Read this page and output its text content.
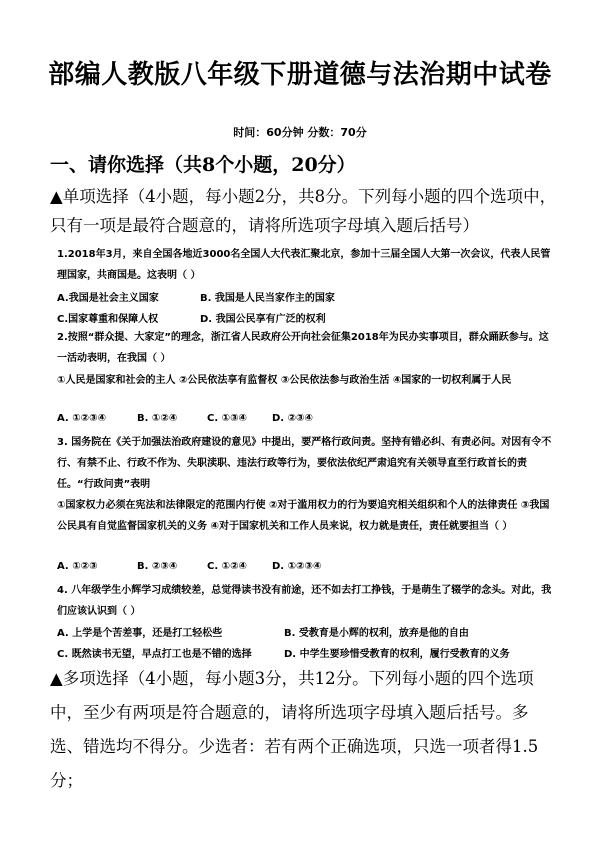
部编人教版八年级下册道德与法治期中试卷
时间：60分钟 分数：70分
一、请你选择（共8个小题，20分）
▲单项选择（4小题，每小题2分，共8分。下列每小题的四个选项中，只有一项是最符合题意的，请将所选项字母填入题后括号）
1.2018年3月，来自全国各地近3000名全国人大代表汇聚北京，参加十三届全国人大第一次会议，代表人民管理国家，共商国是。这表明（ ）
A.我国是社会主义国家	B. 我国是人民当家作主的国家
C.国家尊重和保障人权	D. 我国公民享有广泛的权利
2.按照“群众提、大家定”的理念，浙江省人民政府公开向社会征集2018年为民办实事项目，群众踊跃参与。这一活动表明，在我国（ ）
①人民是国家和社会的主人 ②公民依法享有监督权 ③公民依法参与政治生活 ④国家的一切权利属于人民
A. ①②③④	B. ①②④	C. ①③④ D. ②③④
3. 国务院在《关于加强法治政府建设的意见》中提出，要严格行政问责。坚持有错必纠、有责必问。对因有令不行、有禁不止、行政不作为、失职渎职、违法行政等行为，要依法依纪严肃追究有关领导直至行政首长的责任。“行政问责”表明
①国家权力必须在宪法和法律限定的范围内行使 ②对于滥用权力的行为要追究相关组织和个人的法律责任 ③我国公民具有自觉监督国家机关的义务 ④对于国家机关和工作人员来说，权力就是责任，责任就要担当（ ）
A. ①②③	B. ②③④	C. ①②④ D. ①②③④
4. 八年级学生小辉学习成绩较差，总觉得读书没有前途，还不如去打工挣钱，于是萌生了辍学的念头。对此，我们应该认识到（ ）
A. 上学是个苦差事，还是打工轻松些	B. 受教育是小辉的权利，放弃是他的自由
C. 既然读书无望，早点打工也是不错的选择	D. 中学生要珍惜受教育的权利，履行受教育的义务
▲多项选择（4小题，每小题3分，共12分。下列每小题的四个选项中，至少有两项是符合题意的，请将所选项字母填入题后括号。多选、错选均不得分。少选者：若有两个正确选项，只选一项者得1.5分；
